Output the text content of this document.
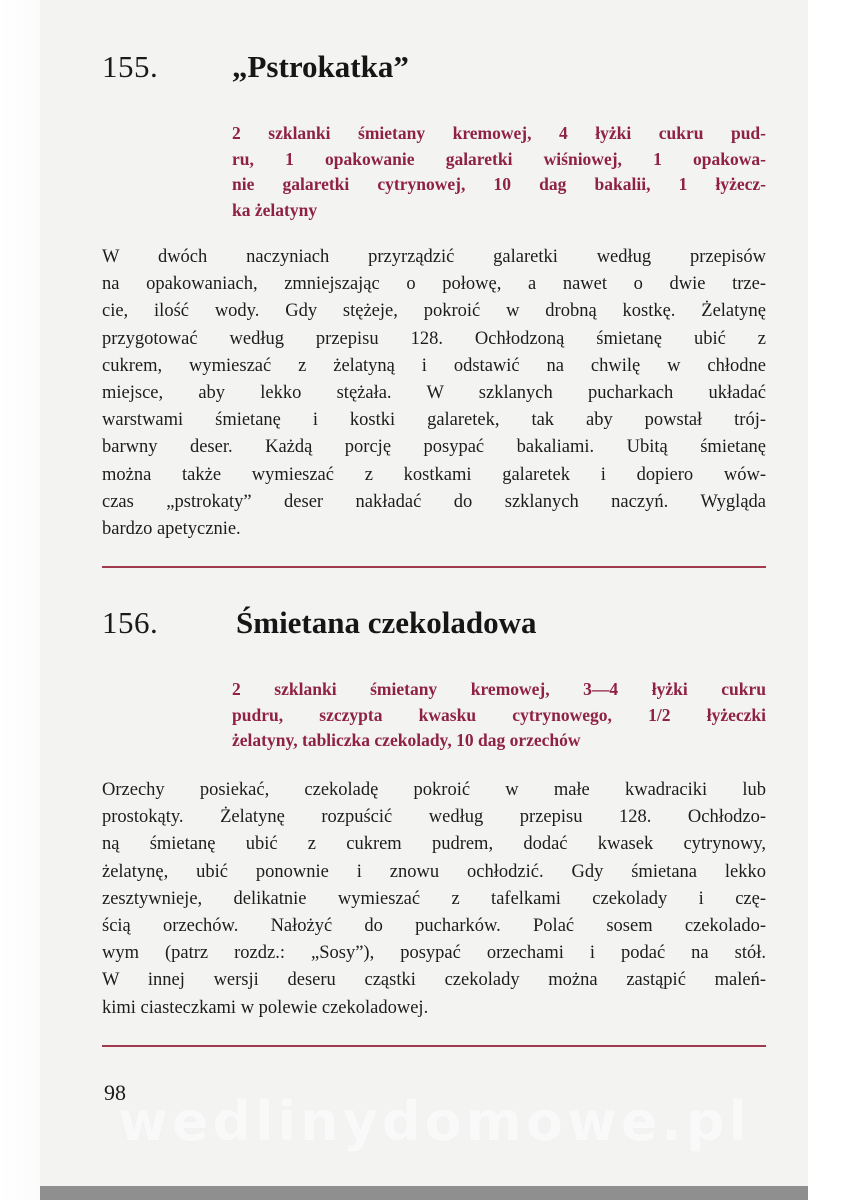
155. „Pstrokatka”
2 szklanki śmietany kremowej, 4 łyżki cukru pud-
ru, 1 opakowanie galaretki wiśniowej, 1 opakowa-
nie galaretki cytrynowej, 10 dag bakalii, 1 łyżecz-
ka żelatyny
W dwóch naczyniach przyrządzić galaretki według przepisów
na opakowaniach, zmniejszając o połowę, a nawet o dwie trze-
cie, ilość wody. Gdy stężeje, pokroić w drobną kostkę. Żelatynę
przygotować według przepisu 128. Ochłodzoną śmietanę ubić z
cukrem, wymieszać z żelatyną i odstawić na chwilę w chłodne
miejsce, aby lekko stężała. W szklanych pucharkach układać
warstwami śmietanę i kostki galaretek, tak aby powstał trój-
barwny deser. Każdą porcję posypać bakaliami. Ubitą śmietanę
można także wymieszać z kostkami galaretek i dopiero wów-
czas „pstrokaty” deser nakładać do szklanych naczyń. Wygląda
bardzo apetycznie.
156.	Śmietana czekoladowa
2 szklanki śmietany kremowej, 3—4 łyżki cukru
pudru, szczypta kwasku cytrynowego, 1/2 łyżeczki
żelatyny, tabliczka czekolady, 10 dag orzechów
Orzechy posiekać, czekoladę pokroić w małe kwadraciki lub
prostokąty. Żelatynę rozpuścić według przepisu 128. Ochłodzo-
ną śmietanę ubić z cukrem pudrem, dodać kwasek cytrynowy,
żelatynę, ubić ponownie i znowu ochłodzić. Gdy śmietana lekko
zesztywnieje, delikatnie wymieszać z tafelkami czekolady i czę-
ścią orzechów. Nałożyć do pucharków. Polać sosem czekolado-
wym (patrz rozdz.: „Sosy”), posypać orzechami i podać na stół.
W innej wersji deseru cząstki czekolady można zastąpić maleń-
kimi ciasteczkami w polewie czekoladowej.
98
wedlinydomowe.pl
